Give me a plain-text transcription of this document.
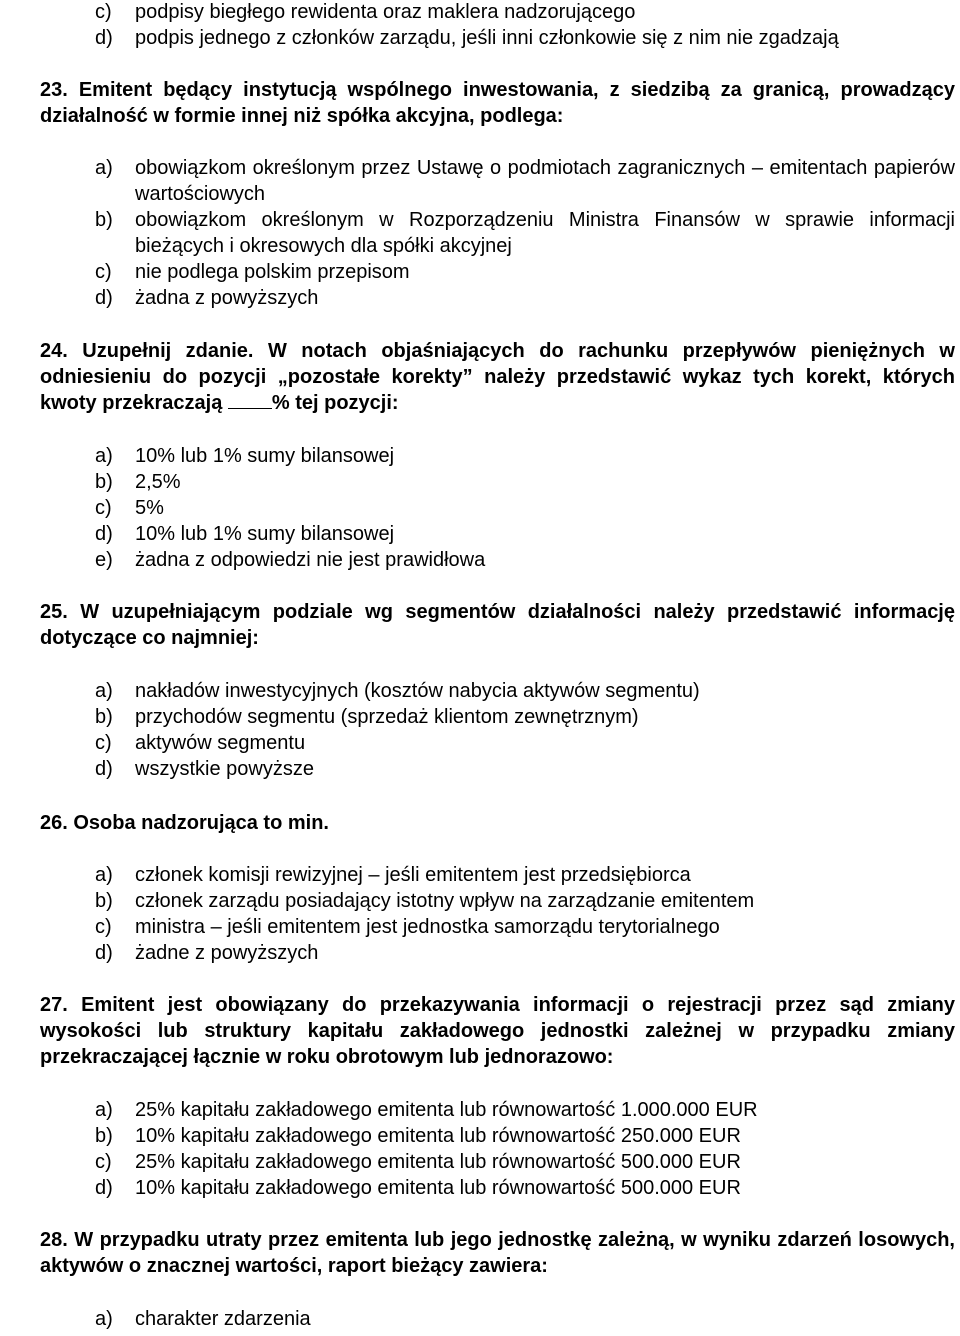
c)	podpisy biegłego rewidenta oraz maklera nadzorującego
d)	podpis jednego z członków zarządu, jeśli inni członkowie się z nim nie zgadzają
23. Emitent będący instytucją wspólnego inwestowania, z siedzibą za granicą, prowadzący działalność w formie innej niż spółka akcyjna, podlega:
a)	obowiązkom określonym przez Ustawę o podmiotach zagranicznych – emitentach papierów wartościowych
b)	obowiązkom określonym w Rozporządzeniu Ministra Finansów w sprawie informacji bieżących i okresowych dla spółki akcyjnej
c)	nie podlega polskim przepisom
d)	żadna z powyższych
24. Uzupełnij zdanie. W notach objaśniających do rachunku przepływów pieniężnych w odniesieniu do pozycji „pozostałe korekty” należy przedstawić wykaz tych korekt, których kwoty przekraczają % tej pozycji:
a)	10% lub 1% sumy bilansowej
b)	2,5%
c)	5%
d)	10% lub 1% sumy bilansowej
e)	żadna z odpowiedzi nie jest prawidłowa
25. W uzupełniającym podziale wg segmentów działalności należy przedstawić informację dotyczące co najmniej:
a)	nakładów inwestycyjnych (kosztów nabycia aktywów segmentu)
b)	przychodów segmentu (sprzedaż klientom zewnętrznym)
c)	aktywów segmentu
d)	wszystkie powyższe
26. Osoba nadzorująca to min.
a)	członek komisji rewizyjnej – jeśli emitentem jest przedsiębiorca
b)	członek zarządu posiadający istotny wpływ na zarządzanie emitentem
c)	ministra – jeśli emitentem jest jednostka samorządu terytorialnego
d)	żadne z powyższych
27. Emitent jest obowiązany do przekazywania informacji o rejestracji przez sąd zmiany wysokości lub struktury kapitału zakładowego jednostki zależnej w przypadku zmiany przekraczającej łącznie w roku obrotowym lub jednorazowo:
a)	25% kapitału zakładowego emitenta lub równowartość 1.000.000 EUR
b)	10% kapitału zakładowego emitenta lub równowartość 250.000 EUR
c)	25% kapitału zakładowego emitenta lub równowartość 500.000 EUR
d)	10% kapitału zakładowego emitenta lub równowartość 500.000 EUR
28. W przypadku utraty przez emitenta lub jego jednostkę zależną, w wyniku zdarzeń losowych, aktywów o znacznej wartości, raport bieżący zawiera:
a)	charakter zdarzenia
